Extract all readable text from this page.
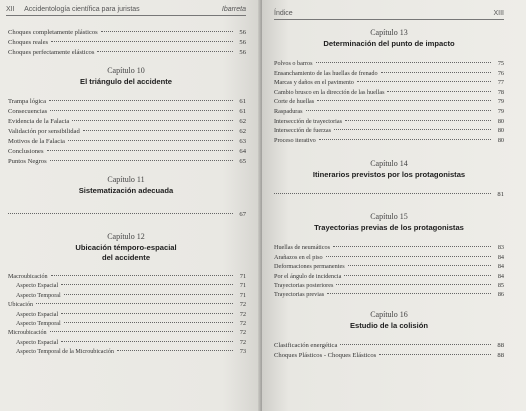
XII Accidentología científica para juristas	Ibarreta
Choques completamente plásticos	56
Choques reales	56
Choques perfectamente elásticos	56
Capítulo 10
El triángulo del accidente
Trampa lógica	61
Consecuencias	61
Evidencia de la Falacia	62
Validación por sensibilidad	62
Motivos de la Falacia	63
Conclusiones	64
Puntos Negros	65
Capítulo 11
Sistematización adecuada
67
Capítulo 12
Ubicación témporo-espacial
del accidente
Macroubicación	71
Aspecto Espacial	71
Aspecto Temporal	71
Ubicación	72
Aspecto Espacial	72
Aspecto Temporal	72
Microubicación	72
Aspecto Espacial	72
Aspecto Temporal de la Microubicación	73
Índice	XIII
Capítulo 13
Determinación del punto de impacto
Polvos o barros	75
Ensanchamiento de las huellas de frenado	76
Marcas y daños en el pavimento	77
Cambio brusco en la dirección de las huellas	78
Corte de huellas	79
Raspaduras	79
Intersección de trayectorias	80
Intersección de fuerzas	80
Proceso iterativo	80
Capítulo 14
Itinerarios previstos por los protagonistas
81
Capítulo 15
Trayectorias previas de los protagonistas
Huellas de neumáticos	83
Arañazos en el piso	84
Deformaciones permanentes	84
Por el ángulo de incidencia	84
Trayectorias posteriores	85
Trayectorias previas	86
Capítulo 16
Estudio de la colisión
Clasificación energética	88
Choques Plásticos - Choques Elásticos	88
